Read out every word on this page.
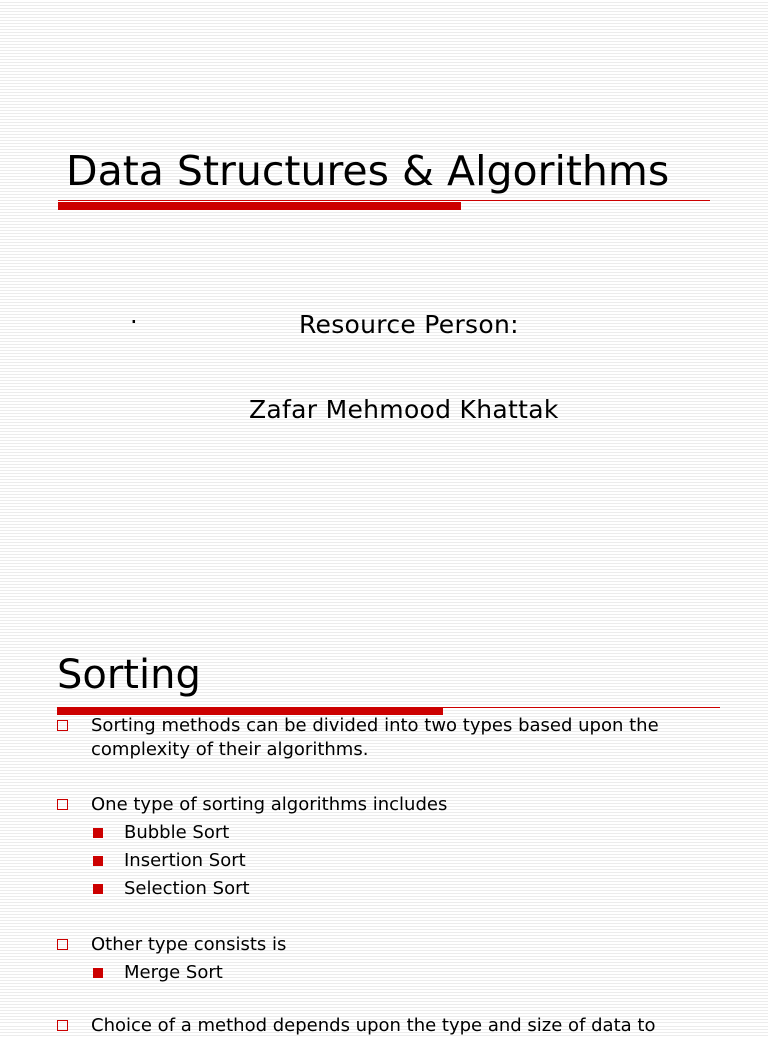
Data Structures & Algorithms
.	Resource Person:
Zafar Mehmood Khattak
Sorting
Sorting methods can be divided into two types based upon the
complexity of their algorithms.
One type of sorting algorithms includes
Bubble Sort
Insertion Sort
Selection Sort
Other type consists is
Merge Sort
Choice of a method depends upon the type and size of data to
